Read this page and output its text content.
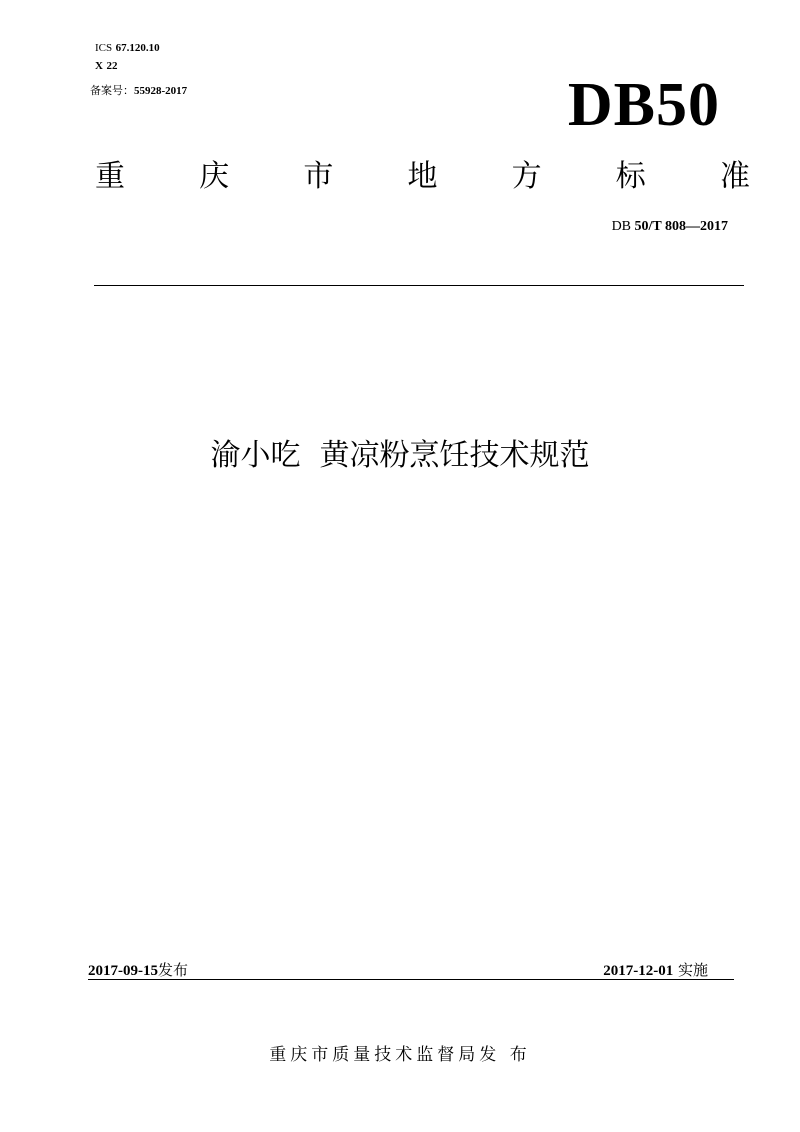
ICS 67.120.10
X 22
备案号：55928-2017	DB50
重 庆 市 地 方 标 准
DB 50/T 808—2017
渝小吃  黄凉粉烹饪技术规范
2017-09-15发布	2017-12-01 实施
重庆市质量技术监督局发 布
